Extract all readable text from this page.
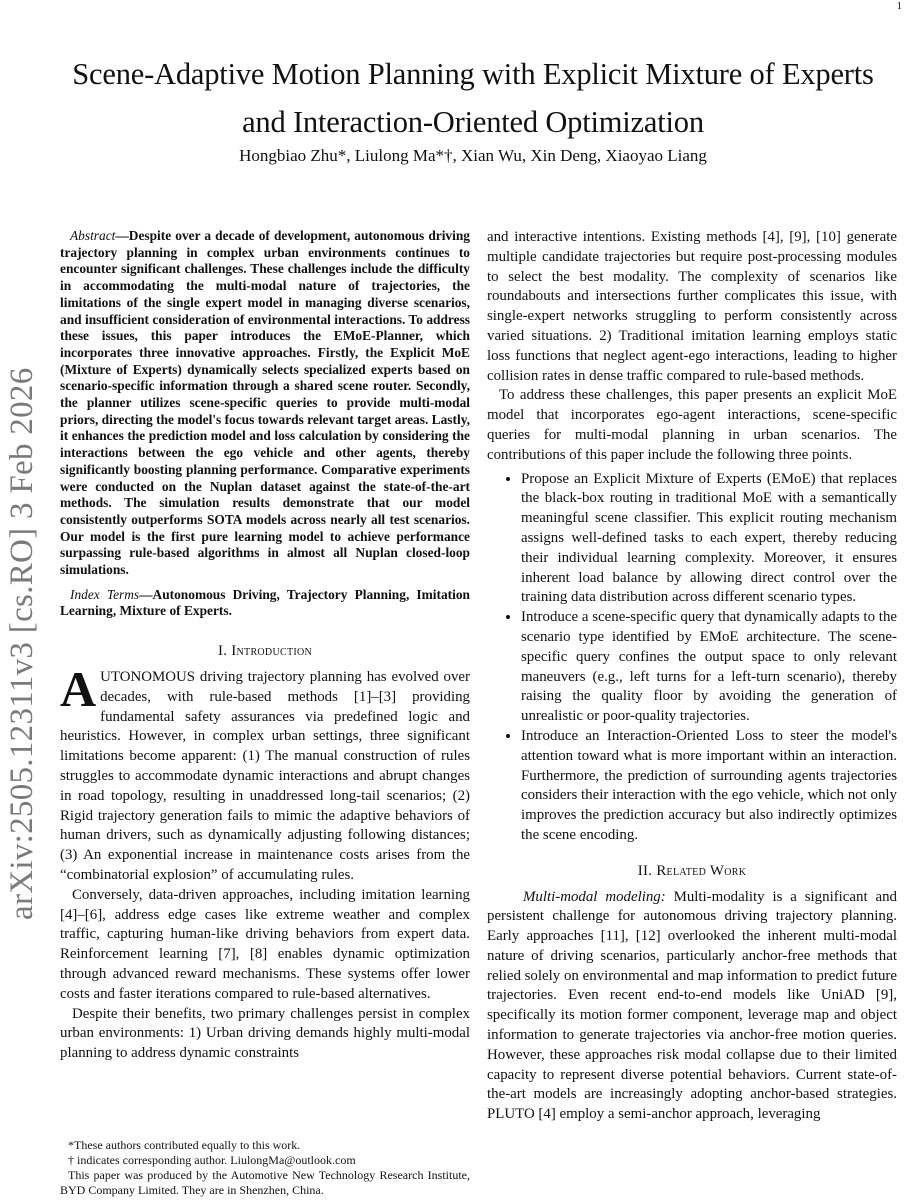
1
arXiv:2505.12311v3 [cs.RO] 3 Feb 2026
Scene-Adaptive Motion Planning with Explicit Mixture of Experts
and Interaction-Oriented Optimization
Hongbiao Zhu*, Liulong Ma*†, Xian Wu, Xin Deng, Xiaoyao Liang

Abstract—Despite over a decade of development, autonomous driving trajectory planning in complex urban environments continues to encounter significant challenges. These challenges include the difficulty in accommodating the multi-modal nature of trajectories, the limitations of the single expert model in managing diverse scenarios, and insufficient consideration of environmental interactions. To address these issues, this paper introduces the EMoE-Planner, which incorporates three innovative approaches. Firstly, the Explicit MoE (Mixture of Experts) dynamically selects specialized experts based on scenario-specific information through a shared scene router. Secondly, the planner utilizes scene-specific queries to provide multi-modal priors, directing the model's focus towards relevant target areas. Lastly, it enhances the prediction model and loss calculation by considering the interactions between the ego vehicle and other agents, thereby significantly boosting planning performance. Comparative experiments were conducted on the Nuplan dataset against the state-of-the-art methods. The simulation results demonstrate that our model consistently outperforms SOTA models across nearly all test scenarios. Our model is the first pure learning model to achieve performance surpassing rule-based algorithms in almost all Nuplan closed-loop simulations.

Index Terms—Autonomous Driving, Trajectory Planning, Imitation Learning, Mixture of Experts.

I. Introduction

AUTONOMOUS driving trajectory planning has evolved over decades, with rule-based methods [1]–[3] providing fundamental safety assurances via predefined logic and heuristics. However, in complex urban settings, three significant limitations become apparent: (1) The manual construction of rules struggles to accommodate dynamic interactions and abrupt changes in road topology, resulting in unaddressed long-tail scenarios; (2) Rigid trajectory generation fails to mimic the adaptive behaviors of human drivers, such as dynamically adjusting following distances; (3) An exponential increase in maintenance costs arises from the “combinatorial explosion” of accumulating rules.

Conversely, data-driven approaches, including imitation learning [4]–[6], address edge cases like extreme weather and complex traffic, capturing human-like driving behaviors from expert data. Reinforcement learning [7], [8] enables dynamic optimization through advanced reward mechanisms. These systems offer lower costs and faster iterations compared to rule-based alternatives.

Despite their benefits, two primary challenges persist in complex urban environments: 1) Urban driving demands highly multi-modal planning to address dynamic constraints

*These authors contributed equally to this work.

† indicates corresponding author. LiulongMa@outlook.com

This paper was produced by the Automotive New Technology Research Institute, BYD Company Limited. They are in Shenzhen, China.

and interactive intentions. Existing methods [4], [9], [10] generate multiple candidate trajectories but require post-processing modules to select the best modality. The complexity of scenarios like roundabouts and intersections further complicates this issue, with single-expert networks struggling to perform consistently across varied situations. 2) Traditional imitation learning employs static loss functions that neglect agent-ego interactions, leading to higher collision rates in dense traffic compared to rule-based methods.

To address these challenges, this paper presents an explicit MoE model that incorporates ego-agent interactions, scene-specific queries for multi-modal planning in urban scenarios. The contributions of this paper include the following three points.

• Propose an Explicit Mixture of Experts (EMoE) that replaces the black-box routing in traditional MoE with a semantically meaningful scene classifier. This explicit routing mechanism assigns well-defined tasks to each expert, thereby reducing their individual learning complexity. Moreover, it ensures inherent load balance by allowing direct control over the training data distribution across different scenario types.
• Introduce a scene-specific query that dynamically adapts to the scenario type identified by EMoE architecture. The scene-specific query confines the output space to only relevant maneuvers (e.g., left turns for a left-turn scenario), thereby raising the quality floor by avoiding the generation of unrealistic or poor-quality trajectories.
• Introduce an Interaction-Oriented Loss to steer the model's attention toward what is more important within an interaction. Furthermore, the prediction of surrounding agents trajectories considers their interaction with the ego vehicle, which not only improves the prediction accuracy but also indirectly optimizes the scene encoding.
II. Related Work

Multi-modal modeling: Multi-modality is a significant and persistent challenge for autonomous driving trajectory planning. Early approaches [11], [12] overlooked the inherent multi-modal nature of driving scenarios, particularly anchor-free methods that relied solely on environmental and map information to predict future trajectories. Even recent end-to-end models like UniAD [9], specifically its motion former component, leverage map and object information to generate trajectories via anchor-free motion queries. However, these approaches risk modal collapse due to their limited capacity to represent diverse potential behaviors. Current state-of-the-art models are increasingly adopting anchor-based strategies. PLUTO [4] employ a semi-anchor approach, leveraging
